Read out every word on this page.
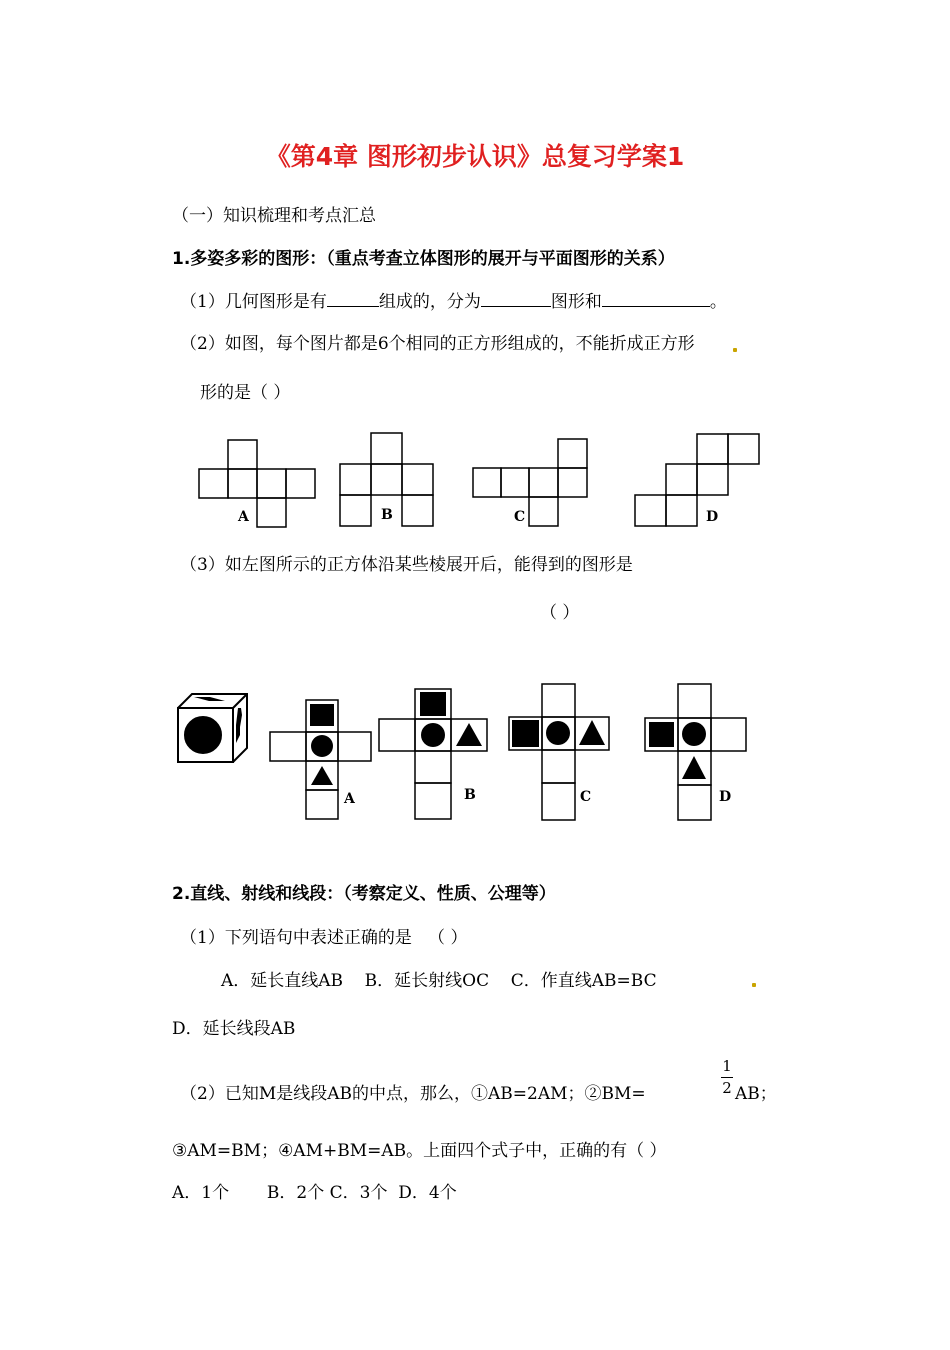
《第4章 图形初步认识》总复习学案1
（一）知识梳理和考点汇总
1.多姿多彩的图形：（重点考查立体图形的展开与平面图形的关系）
（1）几何图形是有	组成的，分为	图形和	。
（2）如图，每个图片都是6个相同的正方形组成的，不能折成正方形
形的是（ ）
A	B	C	D
（3）如左图所示的正方体沿某些棱展开后，能得到的图形是
（ ）
A	B	C	D
2.直线、射线和线段：（考察定义、性质、公理等）
（1）下列语句中表述正确的是 （ ）
A．延长直线AB B．延长射线OC C．作直线AB=BC
D．延长线段AB
（2）已知M是线段AB的中点，那么，①AB=2AM；②BM=
1
2 AB；
③AM=BM；④AM+BM=AB。上面四个式子中，正确的有（ ）
A．1个 B．2个 C．3个 D．4个
